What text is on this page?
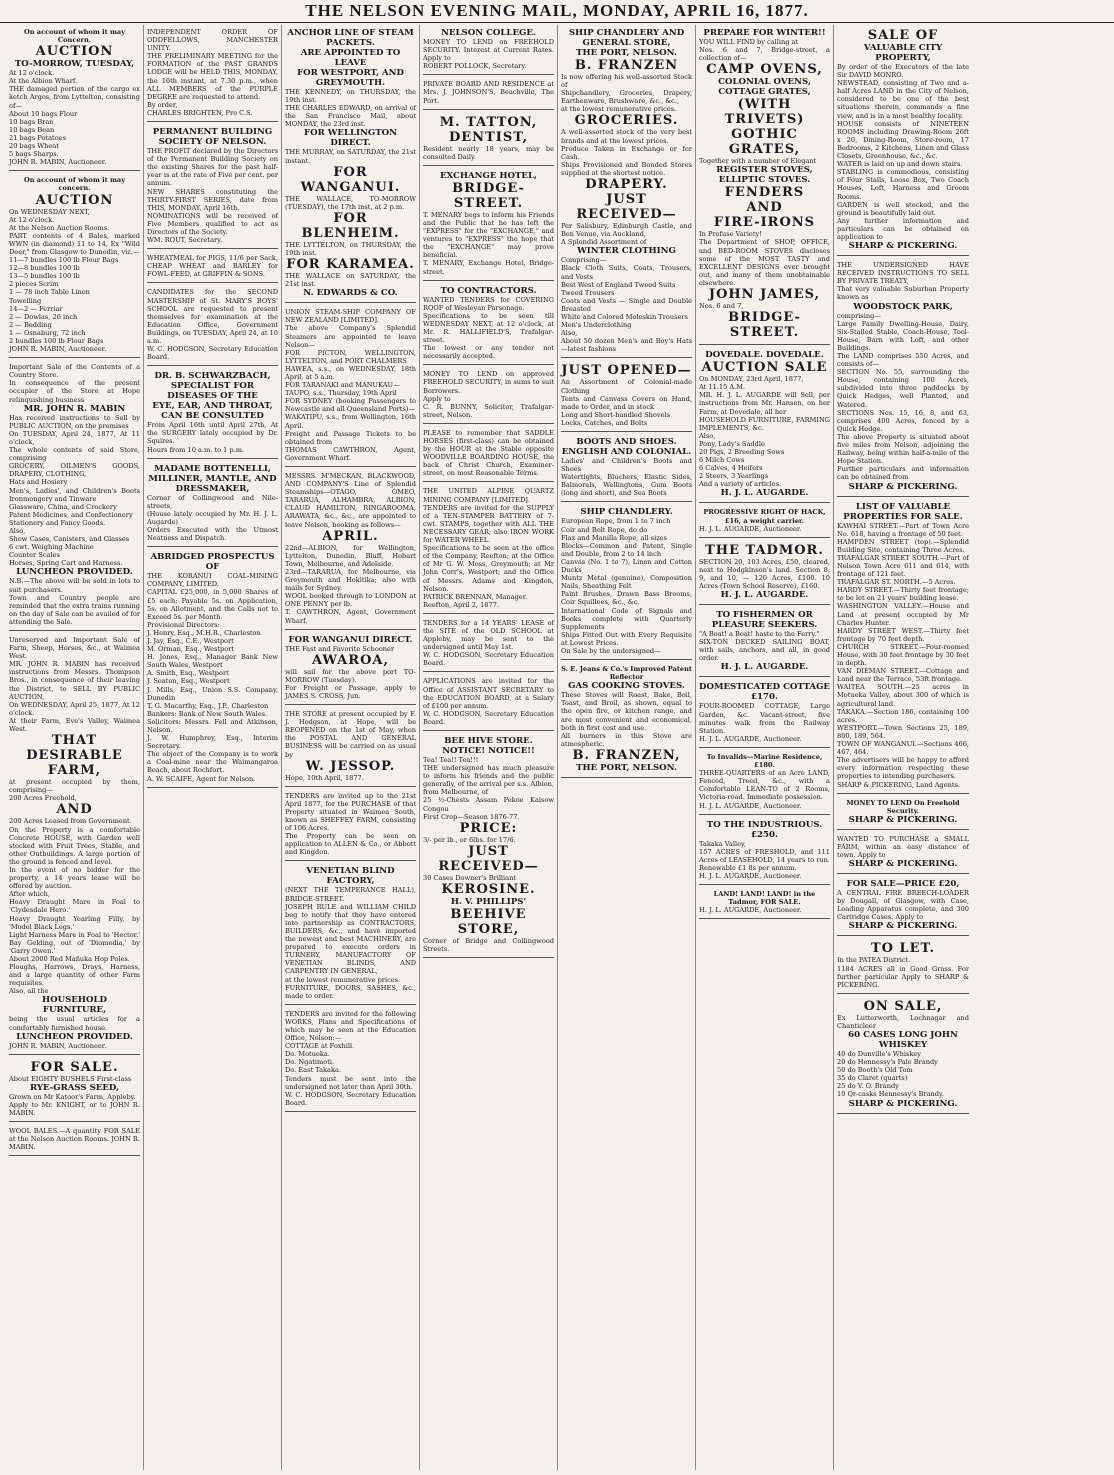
THE NELSON EVENING MAIL, MONDAY, APRIL 16, 1877.
On account of whom it may Concern.
AUCTION
TO-MORROW, TUESDAY,
At 12 o'clock.
At the Albion Wharf.
THE damaged portion of the cargo ex ketch Argos, from Lyttelton, consisting of—
About 10 bags Flour
10 bags Bran
10 bags Bean
21 bags Potatoes
20 bags Wheat
5 bags Sharps.
JOHN R. MABIN, Auctioneer.
On account of whom it may concern.
AUCTION
On WEDNESDAY NEXT,
At 12 o'clock.
At the Nelson Auction Rooms.
PART contents of 4 Bales, marked WWN (in diamond) 11 to 14, Ex "Wild Deer," from Glasgow to Dunedin, viz.—
11—7 bundles 100 lb Flour Bags
12—8 bundles 100 lb
13—5 bundles 100 lb
2 pieces Scrim
1 — 78 inch Table Linen
Towelling
14—2 — Ferriar
2 — Dowlas, 26 inch
2 — Bedding
1 — Osnaburg, 72 inch
2 bundles 100 lb Flour Bags
JOHN R. MABIN, Auctioneer.
Important Sale of the Contents of a Country Store.
In consequence of the present occupier of the Store at Hope relinquishing business
MR. JOHN R. MABIN
Has received instructions to Sell by PUBLIC AUCTION, on the premises
On TUESDAY, April 24, 1877, At 11 o'clock,
The whole contents of said Store, comprising
GROCERY, OILMEN'S GOODS, DRAPERY, CLOTHING,
Hats and Hosiery
Men's, Ladies', and Children's Boots Ironmongery and Tinware
Glassware, China, and Crockery
Patent Medicines, and Confectionery
Stationery and Fancy Goods.
Also,
Show Cases, Canisters, and Glasses
6 cwt. Weighing Machine
Counter Scales
Horses, Spring Cart and Harness.
LUNCHEON PROVIDED.
N.B.—The above will be sold in lots to suit purchasers.
Town and Country people are reminded that the extra trains running on the day of Sale can be availed of for attending the Sale.
Unreserved and Important Sale of Farm, Sheep, Horses, &c., at Waimea West.
MR. JOHN R. MABIN has received instructions from Messrs. Thompson Bros., in consequence of their leaving the District, to SELL BY PUBLIC AUCTION,
On WEDNESDAY, April 25, 1877, At 12 o'clock.
At their Farm, Eve's Valley, Waimea West.
THAT DESIRABLE
FARM,
at present occupied by them, comprising—
200 Acres Freehold,
AND
200 Acres Leased from Government.
On the Property is a comfortable Concrete HOUSE, with Garden well stocked with Fruit Trees, Stable, and other Outbuildings. A large portion of the ground is fenced and level.
In the event of no bidder for the property, a 14 years lease will be offered by auction.
After which,
Heavy Draught Mare in Foal to 'Clydesdale Hero.'
Heavy Draught Yearling Filly, by 'Model Black Legs.'
Light Harness Mare in Foal to 'Hector.'
Bay Gelding, out of 'Diomedia,' by 'Garry Owen.'
About 2000 Red Mañuka Hop Poles.
Ploughs, Harrows, Drays, Harness, and a large quantity of other Farm requisites.
Also, all the
HOUSEHOLD FURNITURE,
being the usual articles for a comfortably furnished house.
LUNCHEON PROVIDED.
JOHN R. MABIN, Auctioneer.
FOR SALE.
About EIGHTY BUSHELS First-class
RYE-GRASS SEED,
Grown on Mr Katoor's Farm, Appleby.
Apply to Mr. KNIGHT, or to JOHN R. MABIN.
WOOL BALES.—A quantity FOR SALE at the Nelson Auction Rooms. JOHN R. MABIN.
INDEPENDENT ORDER OF ODDFELLOWS, MANCHESTER UNITY.
THE PRELIMINARY MEETING for the FORMATION of the PAST GRANDS LODGE will be HELD THIS, MONDAY, the 16th instant, at 7.30 p.m., when ALL MEMBERS of the PURPLE DEGREE are requested to attend.
By order,
CHARLES BRIGHTEN, Pro C.S.
PERMANENT BUILDING SOCIETY OF NELSON.
THE PROFIT declared by the Directors of the Permanent Building Society on the existing Shares for the past half-year is at the rate of Five per cent. per annum.
NEW SHARES constituting the THIRTY-FIRST SERIES, date from THIS, MONDAY, April 16th.
NOMINATIONS will be received of Five Members qualified to act as Directors of the Society.
WM. ROUT, Secretary.
WHEATMEAL for PIGS, 11/6 per Sack, CHEAP WHEAT and BARLEY for FOWL-FEED, at GRIFFIN & SONS.
CANDIDATES for the SECOND MASTERSHIP of St. MARY'S BOYS' SCHOOL are requested to present themselves for examination at the Education Office, Government Buildings, on TUESDAY, April 24, at 10 a.m.
W. C. HODGSON, Secretary Education Board.
DR. B. SCHWARZBACH,
SPECIALIST FOR DISEASES OF THE
EYE, EAR, AND THROAT,
CAN BE CONSULTED
From April 16th until April 27th, At the SURGERY lately occupied by Dr. Squires.
Hours from 10 a.m. to 1 p.m.
MADAME BOTTENELLI,
MILLINER, MANTLE, AND DRESSMAKER,
Corner of Collingwood and Nile-streets,
(House lately occupied by Mr. H. J. L. Augarde)
Orders Executed with the Utmost Neatness and Dispatch.
ABRIDGED PROSPECTUS OF
THE KORANUI COAL-MINING COMPANY, LIMITED.
CAPITAL £25,000, in 5,000 Shares of £5 each; Payable 5s. on Application, 5s. on Allotment, and the Calls not to Exceed 5s. per Month.
Provisional Directors:
J. Henry, Esq., M.H.R., Charleston
J. Jay, Esq., C.E., Westport
M. Orman, Esq., Westport
H. Jones, Esq., Manager Bank New South Wales, Westport
A. Smith, Esq., Westport
J. Seaton, Esq., Westport
J. Mills, Esq., Union S.S. Company, Dunedin
T. G. Macarthy, Esq., J.P., Charleston
Bankers: Bank of New South Wales.
Solicitors: Messrs. Fell and Atkinson, Nelson.
J. W. Humphrey, Esq., Interim Secretary.
The object of the Company is to work a Coal-mine near the Waimangaroa Beach, about Rochfort.
A. W. SCAIFE, Agent for Nelson.
ANCHOR LINE OF STEAM PACKETS.
ARE APPOINTED TO LEAVE
FOR WESTPORT, AND GREYMOUTH.
THE KENNEDY, on THURSDAY, the 19th inst.
THE CHARLES EDWARD, on arrival of the San Francisco Mail, about MONDAY, the 23rd inst.
FOR WELLINGTON DIRECT.
THE MURRAY, on SATURDAY, the 21st instant.
FOR WANGANUI.
THE WALLACE, TO-MORROW (TUESDAY), the 17th inst, at 2 p.m.
FOR BLENHEIM.
THE LYTTELTON, on THURSDAY, the 19th inst.
FOR KARAMEA.
THE WALLACE on SATURDAY, the 21st inst.
N. EDWARDS & CO.
UNION STEAM-SHIP COMPANY OF NEW ZEALAND [LIMITED].
The above Company's Splendid Steamers are appointed to leave Nelson—
FOR PICTON, WELLINGTON, LYTTELTON, and PORT CHALMERS
HAWEA, s.s., on WEDNESDAY, 18th April, at 5 a.m.
FOR TARANAKI and MANUKAU—
TAUPO, s.s., Thursday, 19th April
FOR SYDNEY (booking Passengers to Newcastle and all Queensland Ports)—
WAKATIPU, s.s., from Wellington, 16th April.
Freight and Passage Tickets to be obtained from
THOMAS CAWTHRON, Agent, Government Wharf.
MESSRS. M'MECKAN, BLACKWOOD, AND COMPANY'S Line of Splendid Steamships—OTAGO, OMEO, TARARUA, ALHAMBRA, ALBION, CLAUD HAMILTON, RINGAROOMA, ARAWATA, &c., &c., are appointed to leave Nelson, booking as follows—
APRIL.
22nd—ALBION, for Wellington, Lyttelton, Dunedin, Bluff, Hobart Town, Melbourne, and Adelaide.
23rd—TARARUA, for Melbourne, via Greymouth and Hokitika; also with mails for Sydney.
WOOL booked through to LONDON at ONE PENNY per lb.
T. CAWTHRON, Agent, Government Wharf.
FOR WANGANUI DIRECT.
THE Fast and Favorite Schooner
AWAROA,
will sail for the above port TO-MORROW (Tuesday).
For Freight or Passage, apply to JAMES S. CROSS, Jun.
THE STORE at present occupied by F. J. Hodgson, at Hope, will be REOPENED on the 1st of May, when the POSTAL AND GENERAL BUSINESS will be carried on as usual by
W. JESSOP.
Hope, 10th April, 1877.
TENDERS are invited up to the 21st April 1877, for the PURCHASE of that Property situated in Waimea South, known as SHEFFEY FARM, consisting of 106 Acres.
The Property can be seen on application to ALLEN & Co., or Abbott and Kingdon.
VENETIAN BLIND FACTORY,
(NEXT THE TEMPERANCE HALL), BRIDGE-STREET.
JOSEPH RULE and WILLIAM CHILD beg to notify that they have entered into partnership as CONTRACTORS, BUILDERS, &c., and have imported the newest and best MACHINERY, are prepared to execute orders in TURNERY, MANUFACTORY OF VENETIAN BLINDS, AND CARPENTRY IN GENERAL,
at the lowest remunerative prices.
FURNITURE, DOORS, SASHES, &c., made to order.
TENDERS are invited for the following WORKS, Plans and Specifications of which may be seen at the Education Office, Nelson:—
COTTAGE at Foxhill.
Do. Motueka.
Do. Ngatimoti.
Do. East Takaka.
Tenders must be sent into the undersigned not later than April 30th.
W. C. HODGSON, Secretary Education Board.
NELSON COLLEGE.
MONEY TO LEND on FREEHOLD SECURITY. Interest at Current Rates. Apply to
ROBERT POLLOCK, Secretary.
PRIVATE BOARD AND RESIDENCE at Mrs. J. JOHNSON'S, Beachville, The Port.
M. TATTON,
DENTIST,
Resident nearly 18 years, may be consulted Daily.
EXCHANGE HOTEL,
BRIDGE-STREET.
T. MENARY begs to inform his Friends and the Public that he has left the "EXPRESS" for the "EXCHANGE," and ventures to "EXPRESS" the hope that the "EXCHANGE" may prove beneficial.
T. MENARY, Exchange Hotel, Bridge-street.
TO CONTRACTORS.
WANTED TENDERS for COVERING ROOF of Wesleyan Parsonage.
Specifications to be seen till WEDNESDAY NEXT, at 12 o'clock, at Mr. R. HALLIFIELD'S, Trafalgar-street.
The lowest or any tender not necessarily accepted.
MONEY TO LEND on approved FREEHOLD SECURITY, in sums to suit Borrowers.
Apply to
C. R. BUNNY, Solicitor, Trafalgar-street, Nelson.
PLEASE to remember that SADDLE HORSES (first-class) can be obtained by the HOUR at the Stable opposite WOODVILLE BOARDING HOUSE, the back of Christ Church, Examiner-street, on most Reasonable Terms.
THE UNITED ALPINE QUARTZ MINING COMPANY [LIMITED].
TENDERS are invited for the SUPPLY of a TEN-STAMPER BATTERY of 7-cwt. STAMPS, together with ALL THE NECESSARY GEAR; also IRON WORK for WATER WHEEL.
Specifications to be seen at the office of the Company, Reefton; at the Office of Mr G. W. Moss, Greymouth; at Mr John Corr's, Westport; and the Office of Messrs. Adams and Kingdon, Nelson.
PATRICK BRENNAN, Manager.
Reefton, April 2, 1877.
TENDERS for a 14 YEARS' LEASE of the SITE of the OLD SCHOOL at Appleby, may be sent to the undersigned until May 1st.
W. C. HODGSON, Secretary Education Board.
APPLICATIONS are invited for the Office of ASSISTANT SECRETARY to the EDUCATION BOARD, at a Salary of £100 per annum.
W. C. HODGSON, Secretary Education Board.
BEE HIVE STORE.
NOTICE! NOTICE!!
Tea! Tea!! Tea!!!
THE undersigned has much pleasure to inform his friends and the public generally, of the arrival per s.s. Albion, from Melbourne, of
25 ½-Chests Assam Pekoe Kaisow Congou
First Crop—Season 1876-77.
PRICE:
3/- per lb., or 6lbs. for 17/6.
JUST RECEIVED—
30 Cases Downer's Brilliant
KEROSINE.
H. V. PHILLIPS'
BEEHIVE STORE,
Corner of Bridge and Collingwood Streets.
SHIP CHANDLERY AND GENERAL STORE,
THE PORT, NELSON.
B. FRANZEN
Is now offering his well-assorted Stock of
Shipchandlery, Groceries, Drapery, Earthenware, Brushware, &c., &c.,
at the lowest remunerative prices.
GROCERIES.
A well-assorted stock of the very best brands and at the lowest prices.
Produce Taken in Exchange or for Cash.
Ships Provisioned and Bonded Stores supplied at the shortest notice.
DRAPERY.
JUST RECEIVED—
Per Salisbury, Edinburgh Castle, and Ben Venue, via Auckland,
A Splendid Assortment of
WINTER CLOTHING
Comprising—
Black Cloth Suits, Coats, Trousers, and Vests
Best West of England Tweed Suits
Tweed Trousers
Coats and Vests — Single and Double Breasted
White and Colored Moleskin Trousers
Men's Underclothing
Also,
About 50 dozen Men's and Boy's Hats—latest fashions
JUST OPENED—
An Assortment of Colonial-made Clothing
Tents and Canvass Covers on Hand, made to Order, and in stock
Long and Short-handled Shovels
Locks, Catches, and Bolts
BOOTS AND SHOES.
ENGLISH AND COLONIAL.
Ladies' and Children's Boots and Shoes
Watertights, Bluchers, Elastic Sides, Balmorals, Wellingtons, Gum Boots (long and short), and Sea Boots
SHIP CHANDLERY.
European Rope, from 1 to 7 inch
Coir and Bolt Rope, do do
Flax and Manilla Rope, all sizes
Blocks—Common and Patent, Single and Double, from 2 to 14 inch
Canvas (No. 1 to 7), Linen and Cotton Ducks
Muntz Metal (genuine), Composition Nails, Sheathing Felt
Paint Brushes, Drawn Bass Brooms, Coir Squillees, &c., &c.
International Code of Signals and Books complete with Quarterly Supplements
Ships Fitted Out with Every Requisite at Lowest Prices.
On Sale by the undersigned—
S. E. Jeans & Co.'s Improved Patent Reflector
GAS COOKING STOVES.
These Stoves will Roast, Bake, Boil, Toast, and Broil, as shown, equal to the open fire, or kitchen range, and are most convenient and economical, both in first cost and use.
All burners in this Stove are atmospheric.
B. FRANZEN,
THE PORT, NELSON.
PREPARE FOR WINTER!!
YOU WILL FIND by calling at
Nos. 6 and 7, Bridge-street, a collection of—
CAMP OVENS,
COLONIAL OVENS,
COTTAGE GRATES,
(WITH TRIVETS)
GOTHIC GRATES,
Together with a number of Elegant
REGISTER STOVES,
ELLIPTIC STOVES.
FENDERS
AND
FIRE-IRONS
In Profuse Variety!
The Department of SHOP, OFFICE, and BED-ROOM STOVES discloses some of the MOST TASTY and EXCELLENT DESIGNS ever brought out, and many of them unobtainable elsewhere.
JOHN JAMES,
Nos. 6 and 7,
BRIDGE-STREET.
DOVEDALE. DOVEDALE.
AUCTION SALE
On MONDAY, 23rd April, 1877,
At 11.15 A.M.
MR. H. J. L. AUGARDE will Sell, per instructions from Mr. Hansen, on her Farm, at Dovedale, all her
HOUSEHOLD FURNITURE, FARMING IMPLEMENTS, &c.
Also,
Pony, Lady's Saddle
20 Pigs, 2 Breeding Sows
6 Milch Cows
6 Calves, 4 Heifers
2 Steers, 3 Yearlings
And a variety of articles.
H. J. L. AUGARDE.
PROGRESSIVE RIGHT OF HACK, £16, a weight carrier.
H. J. L. AUGARDE, Auctioneer.
THE TADMOR.
SECTION 20, 103 Acres, £50, cleared, next to Hodgkinson's land. Section 8, 9, and 10, — 120 Acres, £100. 10 Acres (Town School Reserve), £160.
H. J. L. AUGARDE.
TO FISHERMEN OR PLEASURE SEEKERS.
"A Boat! a Boat! haste to the Ferry."
SIX-TON DECKED SAILING BOAT, with sails, anchors, and all, in good order.
H. J. L. AUGARDE.
DOMESTICATED COTTAGE £170.
FOUR-ROOMED COTTAGE, Large Garden, &c. Vacant-street, five minutes walk from the Railway Station.
H. J. L. AUGARDE, Auctioneer.
To Invalids—Marine Residence, £180.
THREE-QUARTERS of an Acre LAND, Fenced, Treed, &c., with a Comfortable LEAN-TO of 2 Rooms, Victoria-road. Immediate possession.
H. J. L. AUGARDE, Auctioneer.
TO THE INDUSTRIOUS. £250.
Takaka Valley,
157 ACRES of FRESHOLD, and 111 Acres of LEASEHOLD, 14 years to run. Renewable £1 8s per annum.
H. J. L. AUGARDE, Auctioneer.
LAND! LAND! LAND! in the Tadmor, FOR SALE.
H. J. L. AUGARDE, Auctioneer.
SALE OF
VALUABLE CITY PROPERTY,
By order of the Executors of the late Sir DAVID MONRO.
NEWSTEAD, consisting of Two and a-half Acres LAND in the City of Nelson, considered to be one of the best situations therein, commands a fine view, and is in a most healthy locality.
HOUSE consists of NINETEEN ROOMS including Drawing-Room 26ft x 20, Dining-Room, Store-room, 17 Bedrooms, 2 Kitchens, Linen and Glass Closets, Greenhouse, &c., &c.
WATER is laid on up and down stairs.
STABLING is commodious, consisting of Four Stalls, Loose Box, Two Coach Houses, Loft, Harness and Groom Rooms.
GARDEN is well stocked, and the ground is beautifully laid out.
Any further information and particulars can be obtained on application to
SHARP & PICKERING.
THE UNDERSIGNED HAVE RECEIVED INSTRUCTIONS TO SELL BY PRIVATE TREATY,
That very valuable Suburban Property known as
WOODSTOCK PARK,
comprising—
Large Family Dwelling-House, Dairy, Six-Stalled Stable, Coach-House, Tool-House, Barn with Loft, and other Buildings.
The LAND comprises 550 Acres, and consists of—
SECTION No. 55, surrounding the House, containing 100 Acres, subdivided into three paddocks by Quick Hedges, well Planted, and Watered.
SECTIONS Nos. 15, 16, 8, and 63, comprises 400 Acres, fenced by a Quick Hedge.
The above Property is situated about five miles from Nelson, adjoining the Railway, being within half-a-mile of the Hope Station.
Further particulars and information can be obtained from
SHARP & PICKERING.
LIST OF VALUABLE PROPERTIES FOR SALE.
KAWHAI STREET.—Part of Town Acre No. 618, having a frontage of 50 feet.
HAMPDEN STREET (top).—Splendid Building Site, containing Three Acres.
TRAFALGAR STREET SOUTH.—Part of Nelson Town Acre 611 and 614, with frontage of 121 feet.
TRAFALGAR ST. NORTH.—5 Acres.
HARDY STREET.—Thirty feet frontage; to be let on 21 years' building lease.
WASHINGTON VALLEY.—House and Land at present occupied by Mr Charles Hunter.
HARDY STREET WEST.—Thirty feet frontage by 70 feet depth.
CHURCH STREET.—Four-roomed House, with 30 feet frontage by 30 feet in depth.
VAN DIEMAN STREET.—Cottage and Land near the Terrace, 53ft frontage.
WAITEA SOUTH.—25 acres in Motueka Valley, about 300 of which is agricultural land.
TAKAKA.—Section 186, containing 100 acres.
WESTPORT.—Town Sections 25, 189, 800, 189, 564.
TOWN OF WANGANUI.—Sections 466, 467, 464.
The advertisers will be happy to afford every information respecting these properties to intending purchasers.
SHARP & PICKERING, Land Agents.
MONEY TO LEND On Freehold Security.
SHARP & PICKERING.
WANTED TO PURCHASE a SMALL FARM, within an easy distance of town. Apply to
SHARP & PICKERING.
FOR SALE—PRICE £20,
A CENTRAL FIRE BREECH-LOADER by Dougall, of Glasgow, with Case, Loading Apparatus complete, and 300 Cartridge Cases. Apply to
SHARP & PICKERING.
TO LET.
In the PATEA District.
1184 ACRES all in Good Grass. For further particular Apply to SHARP & PICKERING.
ON SALE,
Ex Lutterworth, Lochnagar and Chanticleer
60 CASES LONG JOHN WHISKEY
40 do Dunville's Whiskey
20 do Hennessy's Pale Brandy
50 do Booth's Old Tom
35 do Claret (quarts)
25 do V. O. Brandy
10 Qr-casks Hennessy's Brandy.
SHARP & PICKERING.
